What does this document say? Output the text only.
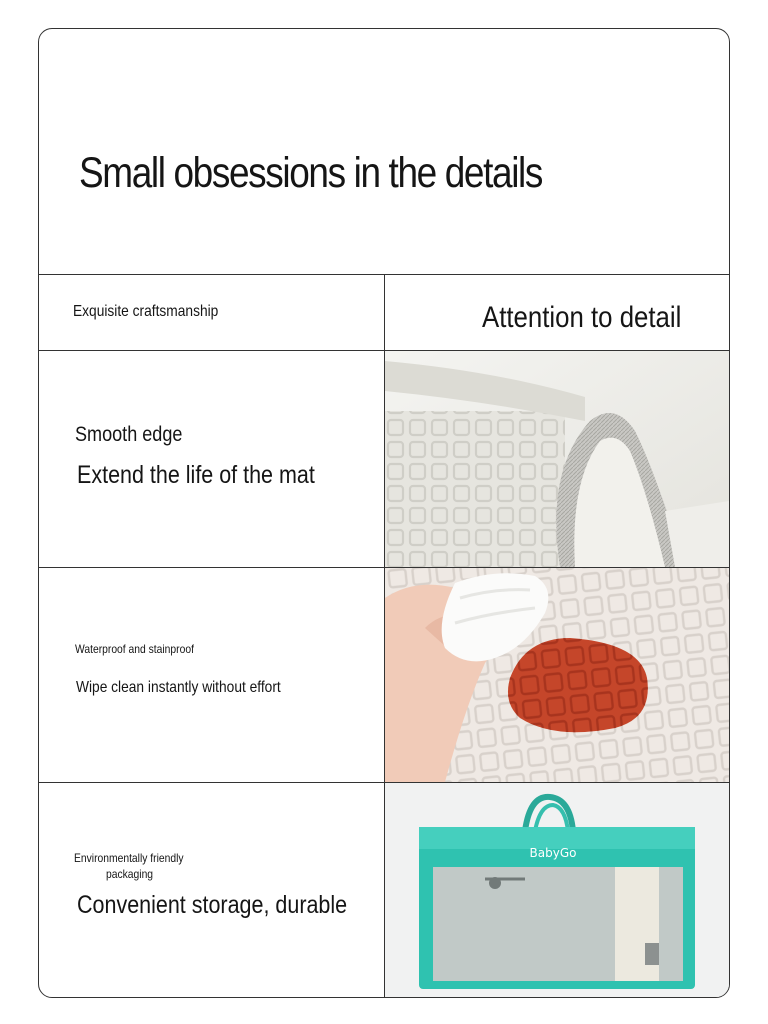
Small obsessions in the details
Exquisite craftsmanship	Attention to detail
Smooth edge
Extend the life of the mat
Waterproof and stainproof
Wipe clean instantly without effort
Environmentally friendly
packaging
Convenient storage, durable
BabyGo
